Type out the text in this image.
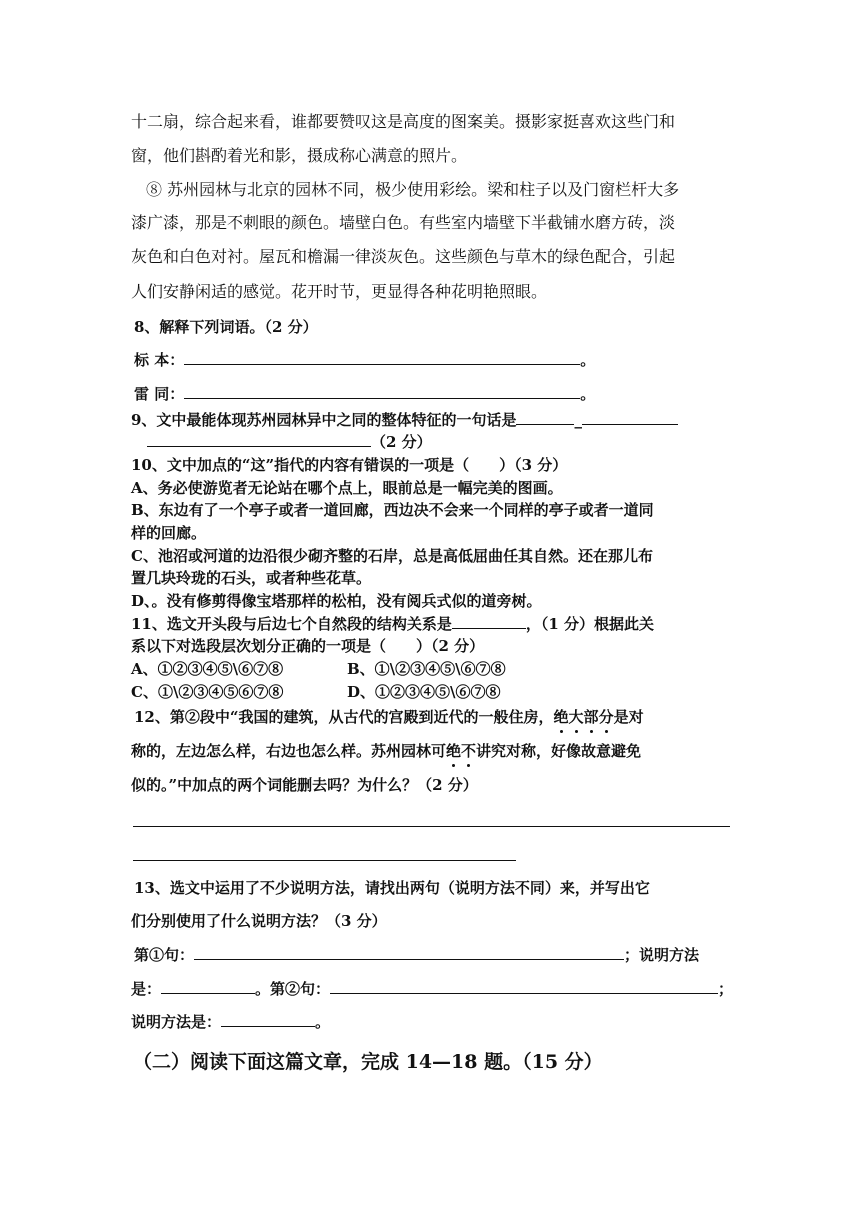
十二扇，综合起来看，谁都要赞叹这是高度的图案美。摄影家挺喜欢这些门和
窗，他们斟酌着光和影，摄成称心满意的照片。
⑧ 苏州园林与北京的园林不同，极少使用彩绘。梁和柱子以及门窗栏杆大多
漆广漆，那是不刺眼的颜色。墙壁白色。有些室内墙壁下半截铺水磨方砖，淡
灰色和白色对衬。屋瓦和檐漏一律淡灰色。这些颜色与草木的绿色配合，引起
人们安静闲适的感觉。花开时节，更显得各种花明艳照眼。
8、解释下列词语。（2 分）
标 本：	。
雷 同：	。
9、文中最能体现苏州园林异中之同的整体特征的一句话是	_
（2 分）
10、文中加点的“这”指代的内容有错误的一项是（　　）（3 分）
A、务必使游览者无论站在哪个点上，眼前总是一幅完美的图画。
B、东边有了一个亭子或者一道回廊，西边决不会来一个同样的亭子或者一道同
样的回廊。
C、池沼或河道的边沿很少砌齐整的石岸，总是高低屈曲任其自然。还在那儿布
置几块玲珑的石头，或者种些花草。
D、。没有修剪得像宝塔那样的松柏，没有阅兵式似的道旁树。
11、选文开头段与后边七个自然段的结构关系是	，（1 分）根据此关
系以下对选段层次划分正确的一项是（　　）（2 分）
A、①②③④⑤\⑥⑦⑧	B、①\②③④⑤\⑥⑦⑧
C、①\②③④⑤⑥⑦⑧	D、①②③④⑤\⑥⑦⑧
12、第②段中“我国的建筑，从古代的宫殿到近代的一般住房，绝大部分是对
称的，左边怎么样，右边也怎么样。苏州园林可绝不讲究对称，好像故意避免
似的。”中加点的两个词能删去吗？为什么？（2 分）
13、选文中运用了不少说明方法，请找出两句（说明方法不同）来，并写出它
们分别使用了什么说明方法？（3 分）
第①句：	；说明方法
是：	。第②句：	；
说明方法是：	。
（二）阅读下面这篇文章，完成 14—18 题。（15 分）
